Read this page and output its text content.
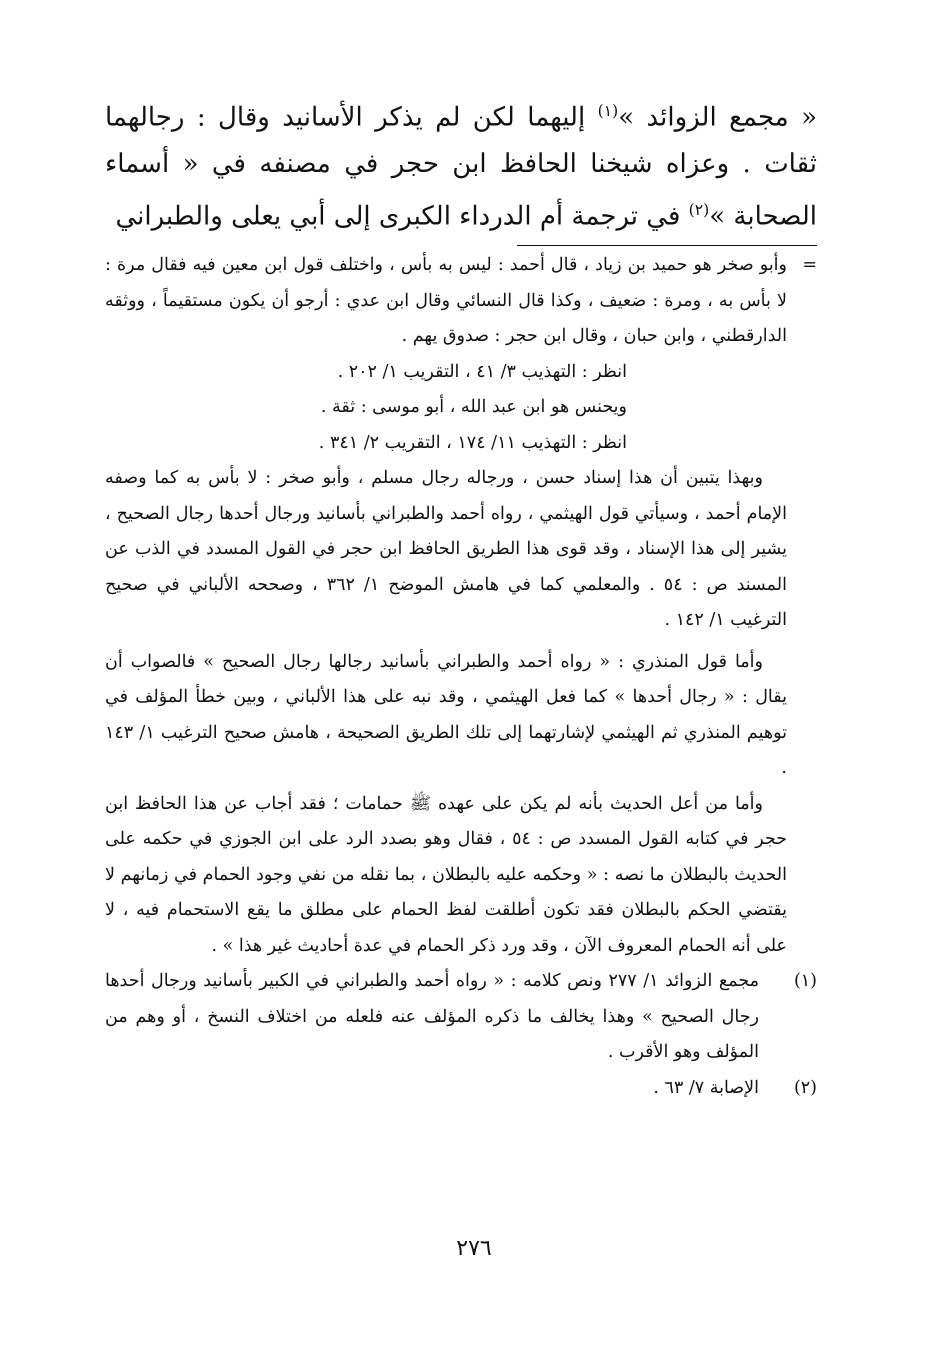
« مجمع الزوائد »$^{(١)}$ إليهما لكن لم يذكر الأسانيد وقال : رجالهما ثقات . وعزاه شيخنا الحافظ ابن حجر في مصنفه في « أسماء الصحابة »$^{(٢)}$ في ترجمة أم الدرداء الكبرى إلى أبي يعلى والطبراني

=

وأبو صخر هو حميد بن زياد ، قال أحمد : ليس به بأس ، واختلف قول ابن معين فيه فقال مرة : لا بأس به ، ومرة : ضعيف ، وكذا قال النسائي وقال ابن عدي : أرجو أن يكون مستقيماً ، ووثقه الدارقطني ، وابن حبان ، وقال ابن حجر : صدوق يهم .

انظر : التهذيب ٣/ ٤١ ، التقريب ١/ ٢٠٢ .

ويحنس هو ابن عبد الله ، أبو موسى : ثقة .

انظر : التهذيب ١١/ ١٧٤ ، التقريب ٢/ ٣٤١ .

وبهذا يتبين أن هذا إسناد حسن ، ورجاله رجال مسلم ، وأبو صخر : لا بأس به كما وصفه الإمام أحمد ، وسيأتي قول الهيثمي ، رواه أحمد والطبراني بأسانيد ورجال أحدها رجال الصحيح ، يشير إلى هذا الإسناد ، وقد قوى هذا الطريق الحافظ ابن حجر في القول المسدد في الذب عن المسند ص : ٥٤ . والمعلمي كما في هامش الموضح ١/ ٣٦٢ ، وصححه الألباني في صحيح الترغيب ١/ ١٤٢ .

وأما قول المنذري : « رواه أحمد والطبراني بأسانيد رجالها رجال الصحيح » فالصواب أن يقال : « رجال أحدها » كما فعل الهيثمي ، وقد نبه على هذا الألباني ، وبين خطأ المؤلف في توهيم المنذري ثم الهيثمي لإشارتهما إلى تلك الطريق الصحيحة ، هامش صحيح الترغيب ١/ ١٤٣ .

وأما من أعل الحديث بأنه لم يكن على عهده ﷺ حمامات ؛ فقد أجاب عن هذا الحافظ ابن حجر في كتابه القول المسدد ص : ٥٤ ، فقال وهو بصدد الرد على ابن الجوزي في حكمه على الحديث بالبطلان ما نصه : « وحكمه عليه بالبطلان ، بما نقله من نفي وجود الحمام في زمانهم لا يقتضي الحكم بالبطلان فقد تكون أطلقت لفظ الحمام على مطلق ما يقع الاستحمام فيه ، لا على أنه الحمام المعروف الآن ، وقد ورد ذكر الحمام في عدة أحاديث غير هذا » .

(١)
مجمع الزوائد ١/ ٢٧٧ ونص كلامه : « رواه أحمد والطبراني في الكبير بأسانيد ورجال أحدها رجال الصحيح » وهذا يخالف ما ذكره المؤلف عنه فلعله من اختلاف النسخ ، أو وهم من المؤلف وهو الأقرب .
(٢)
الإصابة ٧/ ٦٣ .
٢٧٦
